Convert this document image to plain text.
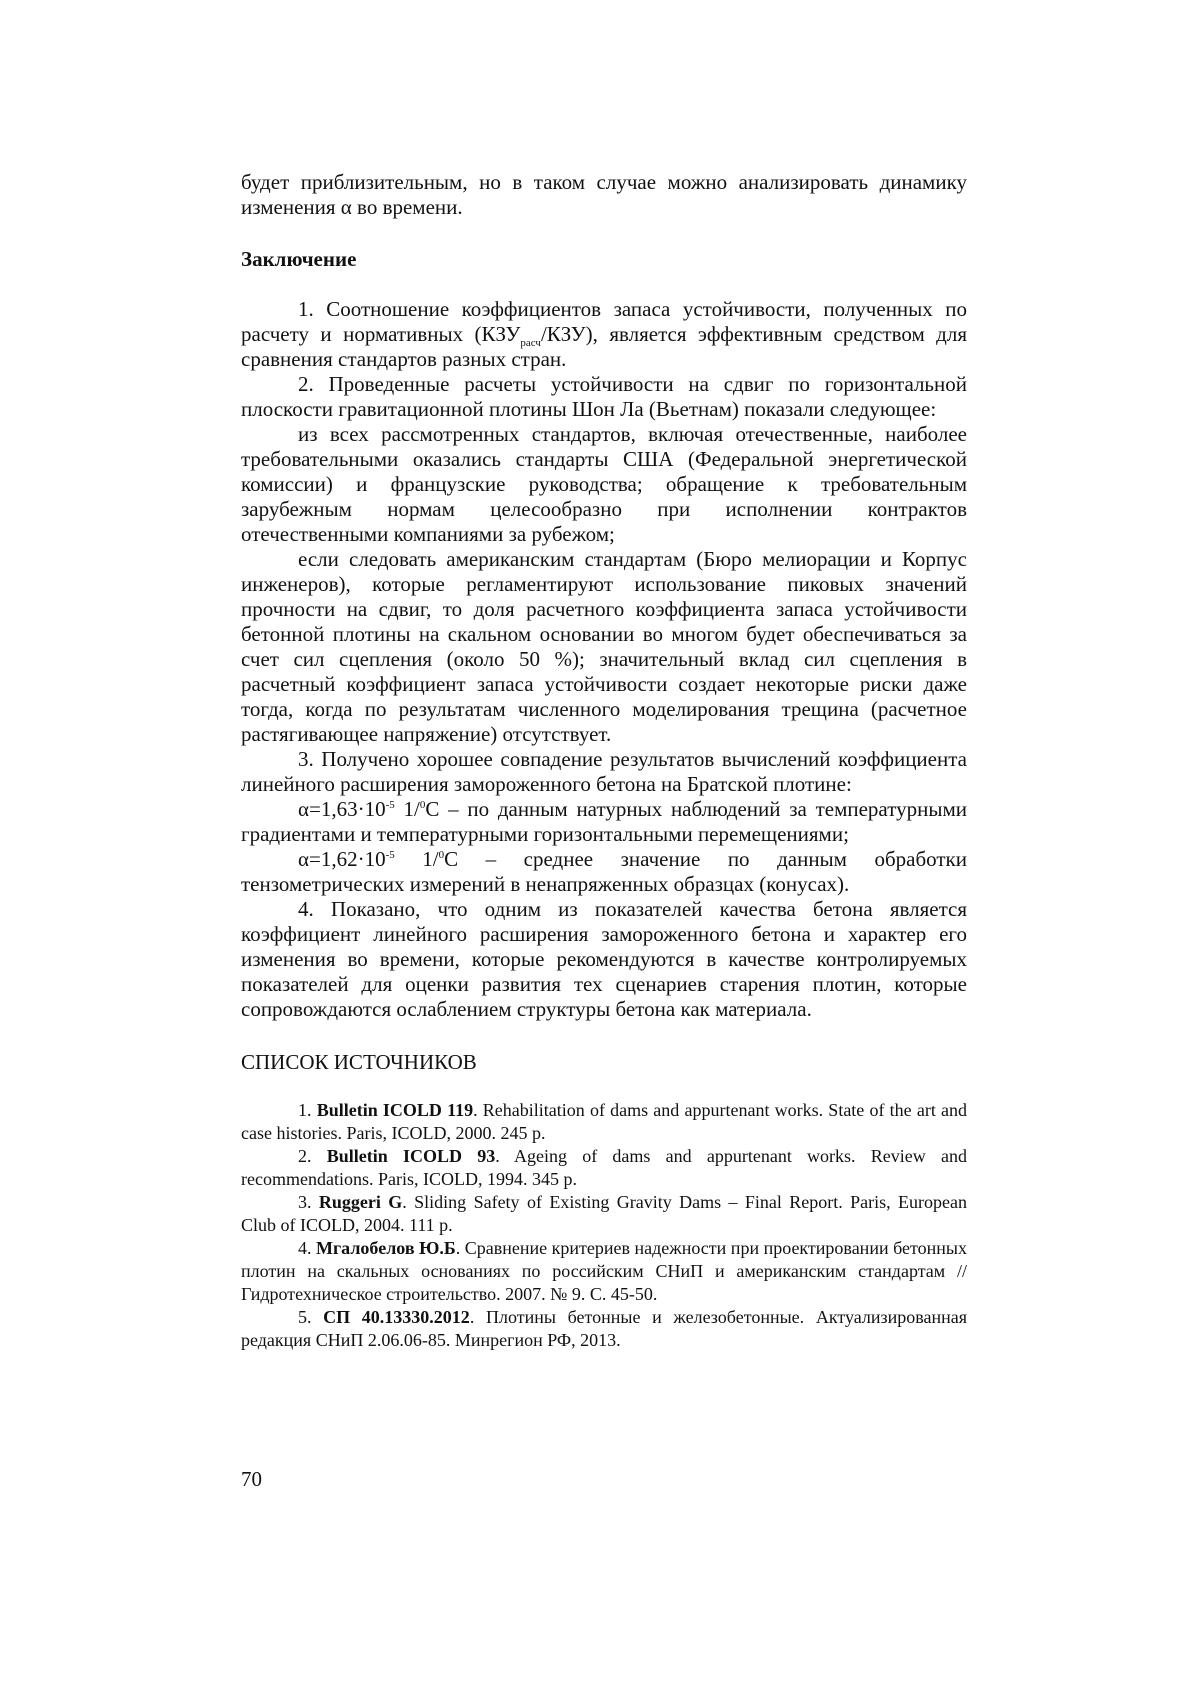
будет приблизительным, но в таком случае можно анализировать динамику изменения α во времени.

Заключение

1. Соотношение коэффициентов запаса устойчивости, полученных по расчету и нормативных $(КЗУ_{расч}/КЗУ)$, является эффективным средством для сравнения стандартов разных стран.

2. Проведенные расчеты устойчивости на сдвиг по горизонтальной плоскости гравитационной плотины Шон Ла (Вьетнам) показали следующее:

из всех рассмотренных стандартов, включая отечественные, наиболее требовательными оказались стандарты США (Федеральной энергетической комиссии) и французские руководства; обращение к требовательным зарубежным нормам целесообразно при исполнении контрактов отечественными компаниями за рубежом;

если следовать американским стандартам (Бюро мелиорации и Корпус инженеров), которые регламентируют использование пиковых значений прочности на сдвиг, то доля расчетного коэффициента запаса устойчивости бетонной плотины на скальном основании во многом будет обеспечиваться за счет сил сцепления (около 50 %); значительный вклад сил сцепления в расчетный коэффициент запаса устойчивости создает некоторые риски даже тогда, когда по результатам численного моделирования трещина (расчетное растягивающее напряжение) отсутствует.

3. Получено хорошее совпадение результатов вычислений коэффициента линейного расширения замороженного бетона на Братской плотине:

$\alpha=1,63\cdot 10^{-5}$ 1/$^0$С – по данным натурных наблюдений за температурными градиентами и температурными горизонтальными перемещениями;

$\alpha=1,62\cdot 10^{-5}$ 1/$^0$С – среднее значение по данным обработки тензометрических измерений в ненапряженных образцах (конусах).

4. Показано, что одним из показателей качества бетона является коэффициент линейного расширения замороженного бетона и характер его изменения во времени, которые рекомендуются в качестве контролируемых показателей для оценки развития тех сценариев старения плотин, которые сопровождаются ослаблением структуры бетона как материала.

СПИСОК ИСТОЧНИКОВ

1. Bulletin ICOLD 119. Rehabilitation of dams and appurtenant works. State of the art and case histories. Paris, ICOLD, 2000. 245 p.

2. Bulletin ICOLD 93. Ageing of dams and appurtenant works. Review and recommendations. Paris, ICOLD, 1994. 345 p.

3. Ruggeri G. Sliding Safety of Existing Gravity Dams – Final Report. Paris, European Club of ICOLD, 2004. 111 p.

4. Мгалобелов Ю.Б. Сравнение критериев надежности при проектировании бетонных плотин на скальных основаниях по российским СНиП и американским стандартам // Гидротехническое строительство. 2007. № 9. С. 45-50.

5. СП 40.13330.2012. Плотины бетонные и железобетонные. Актуализированная редакция СНиП 2.06.06-85. Минрегион РФ, 2013.

70
